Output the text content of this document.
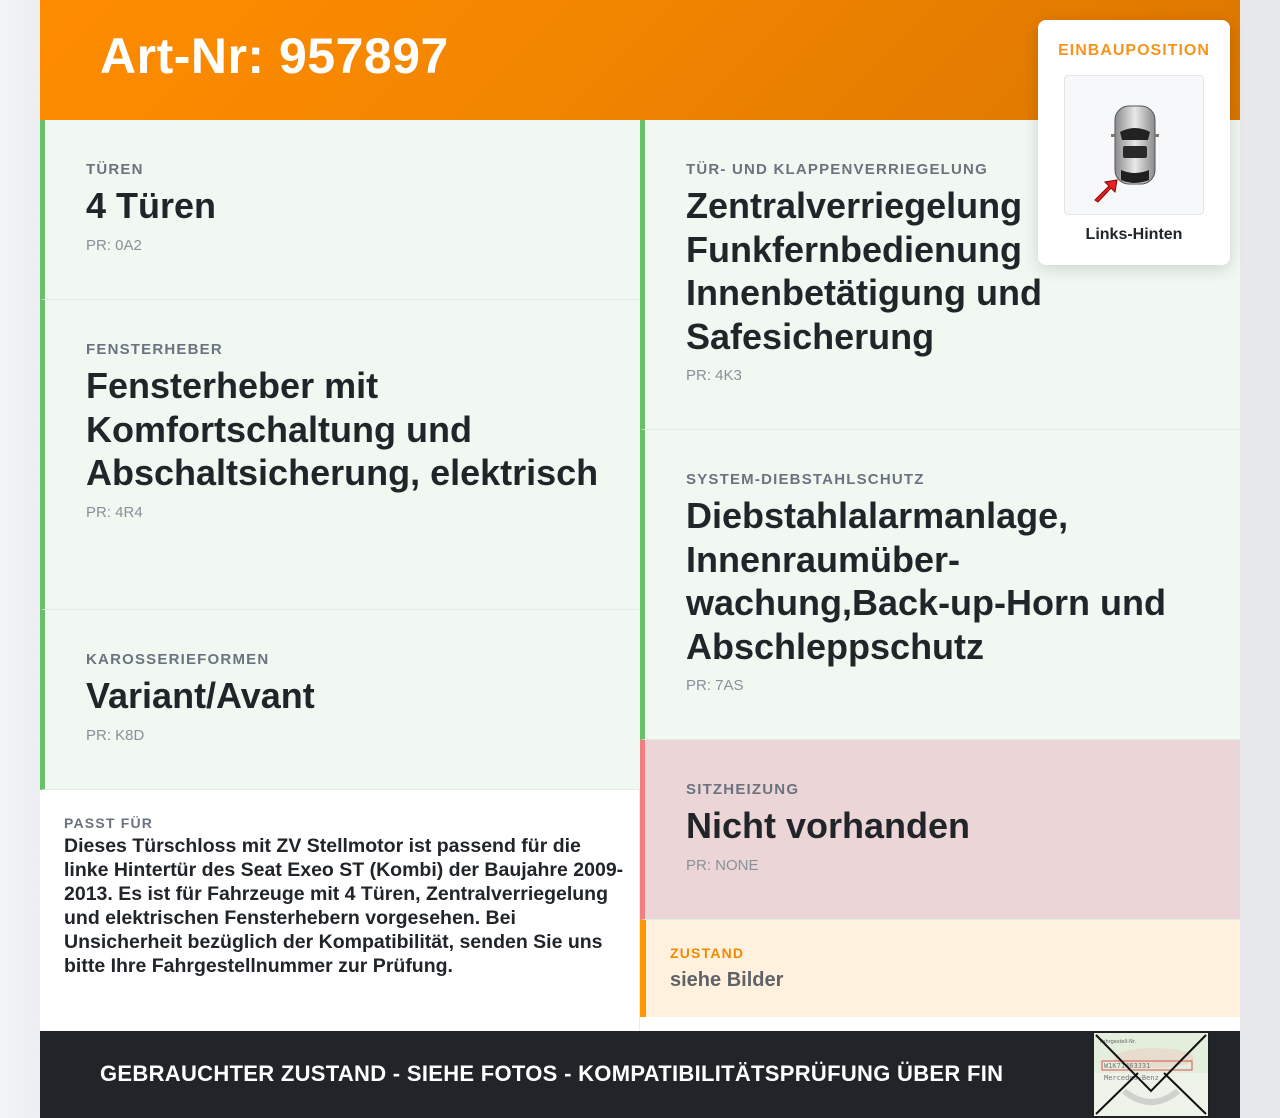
Art-Nr: 957897
TÜREN
4 Türen
PR: 0A2
FENSTERHEBER
Fensterheber mit Komfortschaltung und Abschaltsicherung, elektrisch
PR: 4R4
KAROSSERIEFORMEN
Variant/Avant
PR: K8D
TÜR- UND KLAPPENVERRIEGELUNG
Zentralverriegelung Funkfernbedienung Innenbetätigung und Safesicherung
PR: 4K3
SYSTEM-DIEBSTAHLSCHUTZ
Diebstahlalarmanlage, Innenraumüber-wachung,Back-up-Horn und Abschleppschutz
PR: 7AS
SITZHEIZUNG
Nicht vorhanden
PR: NONE
PASST FÜR
Dieses Türschloss mit ZV Stellmotor ist passend für die linke Hintertür des Seat Exeo ST (Kombi) der Baujahre 2009-2013. Es ist für Fahrzeuge mit 4 Türen, Zentralverriegelung und elektrischen Fensterhebern vorgesehen. Bei Unsicherheit bezüglich der Kompatibilität, senden Sie uns bitte Ihre Fahrgestellnummer zur Prüfung.
ZUSTAND
siehe Bilder
GEBRAUCHTER ZUSTAND - SIEHE FOTOS - KOMPATIBILITÄTSPRÜFUNG ÜBER FIN
Fahrgestell-Nr.
W1K71463J31
Mercedes-Benz
EINBAUPOSITION
Links-Hinten
